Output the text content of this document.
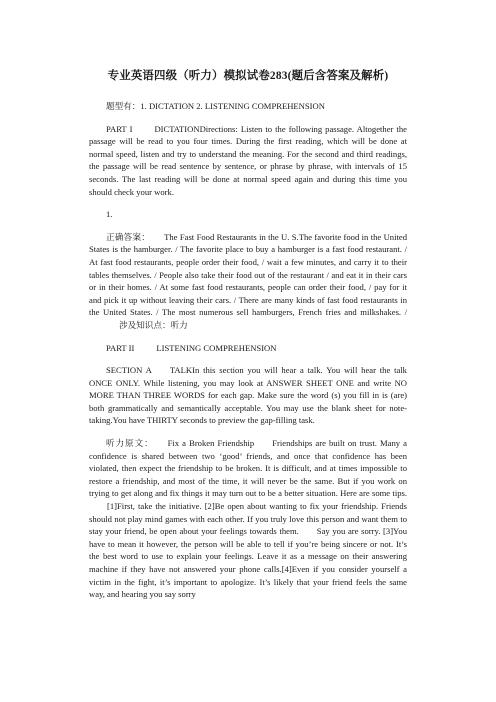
专业英语四级（听力）模拟试卷283(题后含答案及解析)

题型有：1. DICTATION 2. LISTENING COMPREHENSION

PART I	DICTATIONDirections: Listen to the following passage. Altogether the passage will be read to you four times. During the first reading, which will be done at normal speed, listen and try to understand the meaning. For the second and third readings, the passage will be read sentence by sentence, or phrase by phrase, with intervals of 15 seconds. The last reading will be done at normal speed again and during this time you should check your work.

1.

正确答案： The Fast Food Restaurants in the U. S.The favorite food in the United States is the hamburger. / The favorite place to buy a hamburger is a fast food restaurant. / At fast food restaurants, people order their food, / wait a few minutes, and carry it to their tables themselves. / People also take their food out of the restaurant / and eat it in their cars or in their homes. / At some fast food restaurants, people can order their food, / pay for it and pick it up without leaving their cars. / There are many kinds of fast food restaurants in the United States. / The most numerous sell hamburgers, French fries and milkshakes. /涉及知识点：听力

PART II	LISTENING COMPREHENSION

SECTION A TALKIn this section you will hear a talk. You will hear the talk ONCE ONLY. While listening, you may look at ANSWER SHEET ONE and write NO MORE THAN THREE WORDS for each gap. Make sure the word (s) you fill in is (are) both grammatically and semantically acceptable. You may use the blank sheet for note-taking.You have THIRTY seconds to preview the gap-filling task.

听力原文： Fix a Broken Friendship Friendships are built on trust. Many a confidence is shared between two ‘good’ friends, and once that confidence has been violated, then expect the friendship to be broken. It is difficult, and at times impossible to restore a friendship, and most of the time, it will never be the same. But if you work on trying to get along and fix things it may turn out to be a better situation. Here are some tips.[1]First, take the initiative. [2]Be open about wanting to fix your friendship. Friends should not play mind games with each other. If you truly love this person and want them to stay your friend, be open about your feelings towards them. Say you are sorry. [3]You have to mean it however, the person will be able to tell if you’re being sincere or not. It’s the best word to use to explain your feelings. Leave it as a message on their answering machine if they have not answered your phone calls.[4]Even if you consider yourself a victim in the fight, it’s important to apologize. It’s likely that your friend feels the same way, and hearing you say sorry
